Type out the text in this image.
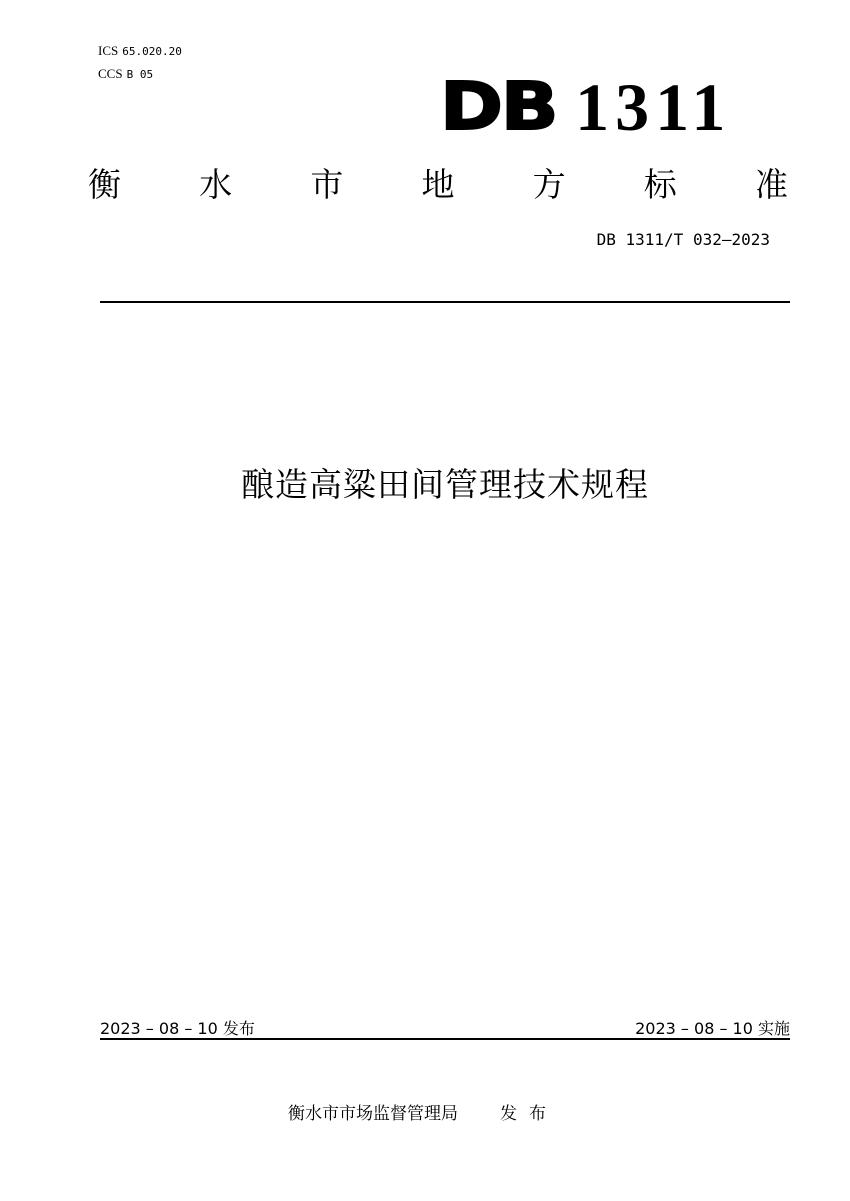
ICS 65.020.20
CCS B 05	DB 1311
衡 水 市 地 方 标 准
DB 1311/T 032—2023
酿造高粱田间管理技术规程
2023 – 08 – 10 发布	2023 – 08 – 10 实施
衡水市市场监督管理局 发布
